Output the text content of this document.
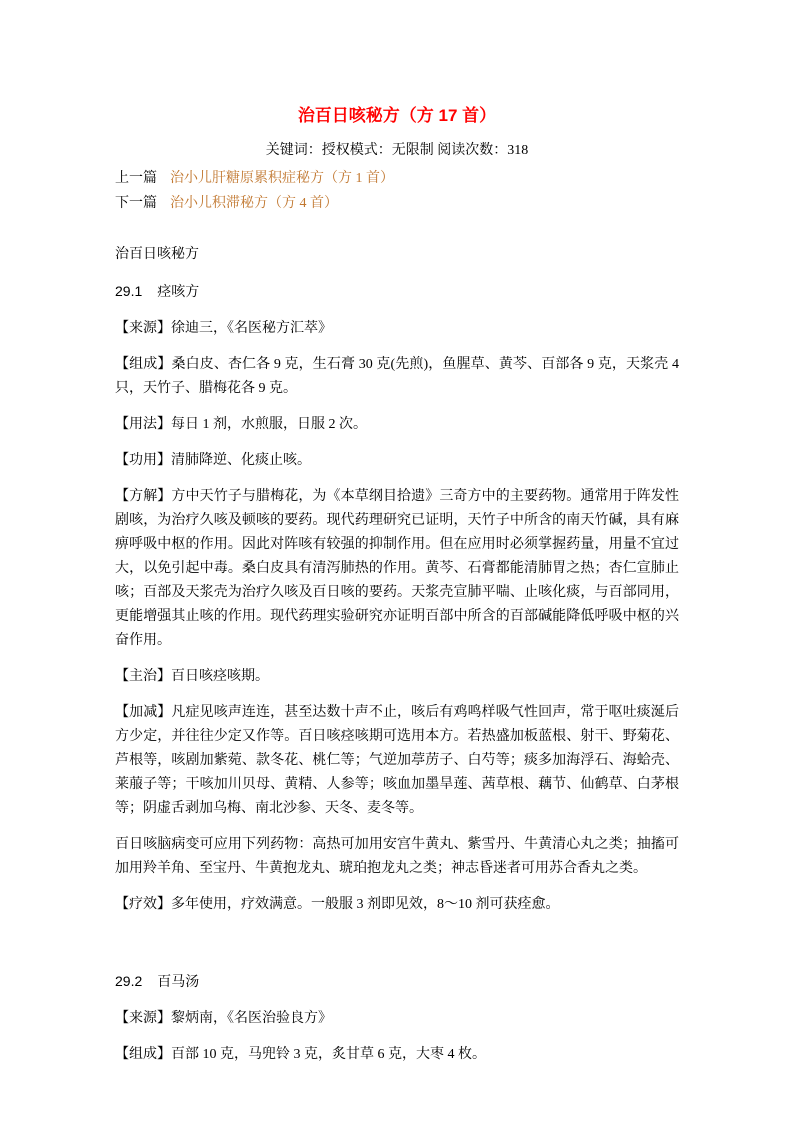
治百日咳秘方（方 17 首）
关键词：授权模式：无限制 阅读次数：318
上一篇 治小儿肝糖原累积症秘方（方 1 首）
下一篇 治小儿积滞秘方（方 4 首）

治百日咳秘方

29.1 痉咳方

【来源】徐迪三，《名医秘方汇萃》

【组成】桑白皮、杏仁各 9 克，生石膏 30 克(先煎)，鱼腥草、黄芩、百部各 9 克，天浆壳 4 只，天竹子、腊梅花各 9 克。

【用法】每日 1 剂，水煎服，日服 2 次。

【功用】清肺降逆、化痰止咳。

【方解】方中天竹子与腊梅花，为《本草纲目拾遗》三奇方中的主要药物。通常用于阵发性剧咳，为治疗久咳及顿咳的要药。现代药理研究已证明，天竹子中所含的南天竹碱，具有麻痹呼吸中枢的作用。因此对阵咳有较强的抑制作用。但在应用时必须掌握药量，用量不宜过大，以免引起中毒。桑白皮具有清泻肺热的作用。黄芩、石膏都能清肺胃之热；杏仁宣肺止咳；百部及天浆壳为治疗久咳及百日咳的要药。天浆壳宣肺平喘、止咳化痰，与百部同用，更能增强其止咳的作用。现代药理实验研究亦证明百部中所含的百部碱能降低呼吸中枢的兴奋作用。

【主治】百日咳痉咳期。

【加减】凡症见咳声连连，甚至达数十声不止，咳后有鸡鸣样吸气性回声，常于呕吐痰涎后方少定，并往往少定又作等。百日咳痉咳期可选用本方。若热盛加板蓝根、射干、野菊花、芦根等，咳剧加紫菀、款冬花、桃仁等；气逆加葶苈子、白芍等；痰多加海浮石、海蛤壳、莱菔子等；干咳加川贝母、黄精、人参等；咳血加墨旱莲、茜草根、藕节、仙鹤草、白茅根等；阴虚舌剥加乌梅、南北沙参、天冬、麦冬等。

百日咳脑病变可应用下列药物：高热可加用安宫牛黄丸、紫雪丹、牛黄清心丸之类；抽搐可加用羚羊角、至宝丹、牛黄抱龙丸、琥珀抱龙丸之类；神志昏迷者可用苏合香丸之类。

【疗效】多年使用，疗效满意。一般服 3 剂即见效，8～10 剂可获痊愈。

29.2 百马汤

【来源】黎炳南，《名医治验良方》

【组成】百部 10 克，马兜铃 3 克，炙甘草 6 克，大枣 4 枚。
